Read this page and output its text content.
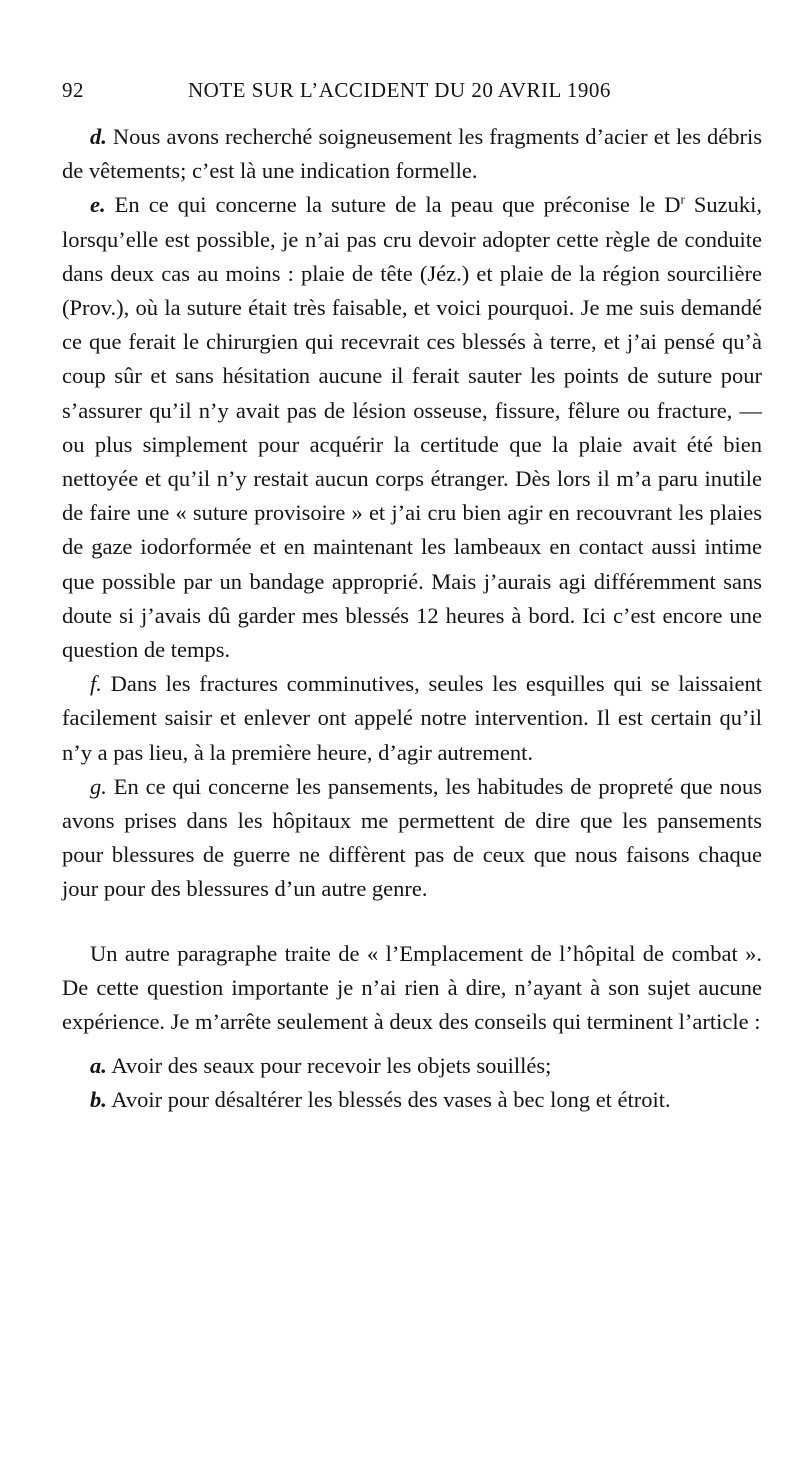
92	NOTE SUR L’ACCIDENT DU 20 AVRIL 1906

d. Nous avons recherché soigneusement les fragments d’acier et les débris de vêtements; c’est là une indication formelle.

e. En ce qui concerne la suture de la peau que préconise le $D^r$ Suzuki, lorsqu’elle est possible, je n’ai pas cru devoir adopter cette règle de conduite dans deux cas au moins : plaie de tête (Jéz.) et plaie de la région sourcilière (Prov.), où la suture était très faisable, et voici pourquoi. Je me suis demandé ce que ferait le chirurgien qui recevrait ces blessés à terre, et j’ai pensé qu’à coup sûr et sans hésitation aucune il ferait sauter les points de suture pour s’assurer qu’il n’y avait pas de lésion osseuse, fissure, fêlure ou fracture, — ou plus simplement pour acquérir la certitude que la plaie avait été bien nettoyée et qu’il n’y restait aucun corps étranger. Dès lors il m’a paru inutile de faire une « suture provisoire » et j’ai cru bien agir en recouvrant les plaies de gaze iodorformée et en maintenant les lambeaux en contact aussi intime que possible par un bandage approprié. Mais j’aurais agi différemment sans doute si j’avais dû garder mes blessés 12 heures à bord. Ici c’est encore une question de temps.

f. Dans les fractures comminutives, seules les esquilles qui se laissaient facilement saisir et enlever ont appelé notre intervention. Il est certain qu’il n’y a pas lieu, à la première heure, d’agir autrement.

g. En ce qui concerne les pansements, les habitudes de propreté que nous avons prises dans les hôpitaux me permettent de dire que les pansements pour blessures de guerre ne diffèrent pas de ceux que nous faisons chaque jour pour des blessures d’un autre genre.

Un autre paragraphe traite de « l’Emplacement de l’hôpital de combat ». De cette question importante je n’ai rien à dire, n’ayant à son sujet aucune expérience. Je m’arrête seulement à deux des conseils qui terminent l’article :

a. Avoir des seaux pour recevoir les objets souillés;

b. Avoir pour désaltérer les blessés des vases à bec long et étroit.
